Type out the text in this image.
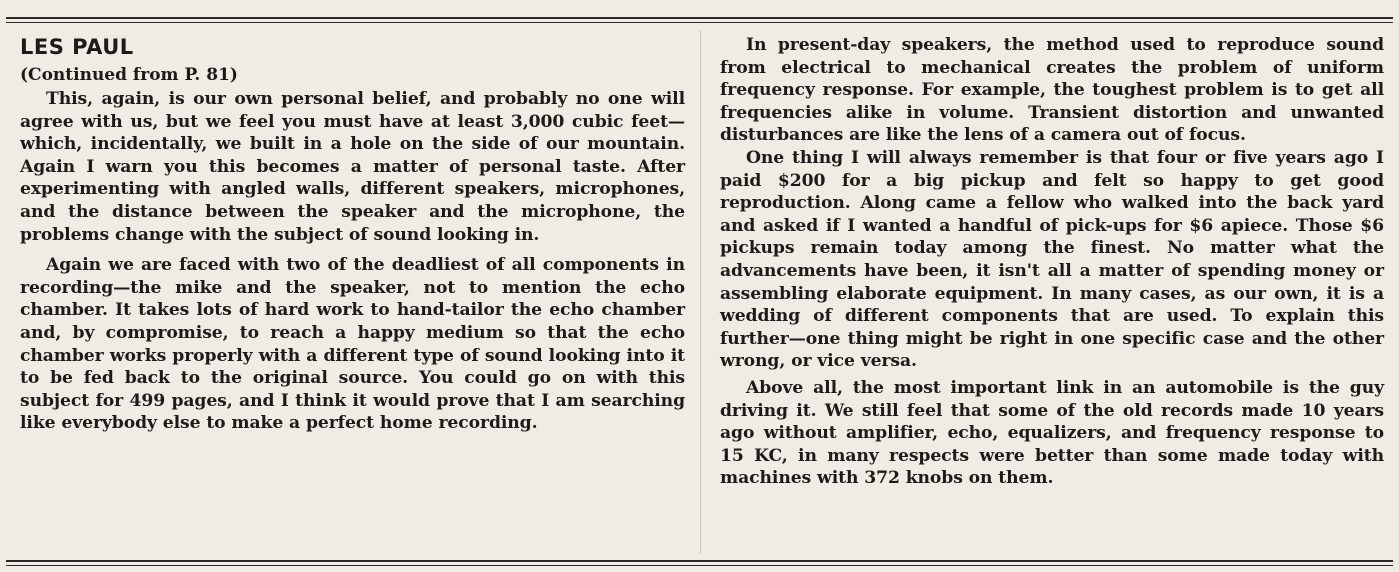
LES PAUL
(Continued from P. 81)

This, again, is our own personal belief, and probably no one will agree with us, but we feel you must have at least 3,000 cubic feet—which, incidentally, we built in a hole on the side of our mountain. Again I warn you this becomes a matter of personal taste. After experimenting with angled walls, different speakers, microphones, and the distance between the speaker and the microphone, the problems change with the subject of sound looking in.

Again we are faced with two of the deadliest of all components in recording—the mike and the speaker, not to mention the echo chamber. It takes lots of hard work to hand-tailor the echo chamber and, by compromise, to reach a happy medium so that the echo chamber works properly with a different type of sound looking into it to be fed back to the original source. You could go on with this subject for 499 pages, and I think it would prove that I am searching like everybody else to make a perfect home recording.

In present-day speakers, the method used to reproduce sound from electrical to mechanical creates the problem of uniform frequency response. For example, the toughest problem is to get all frequencies alike in volume. Transient distortion and unwanted disturbances are like the lens of a camera out of focus.

One thing I will always remember is that four or five years ago I paid $200 for a big pickup and felt so happy to get good reproduction. Along came a fellow who walked into the back yard and asked if I wanted a handful of pick-ups for $6 apiece. Those $6 pickups remain today among the finest. No matter what the advancements have been, it isn't all a matter of spending money or assembling elaborate equipment. In many cases, as our own, it is a wedding of different components that are used. To explain this further—one thing might be right in one specific case and the other wrong, or vice versa.

Above all, the most important link in an automobile is the guy driving it. We still feel that some of the old records made 10 years ago without amplifier, echo, equalizers, and frequency response to 15 KC, in many respects were better than some made today with machines with 372 knobs on them.
